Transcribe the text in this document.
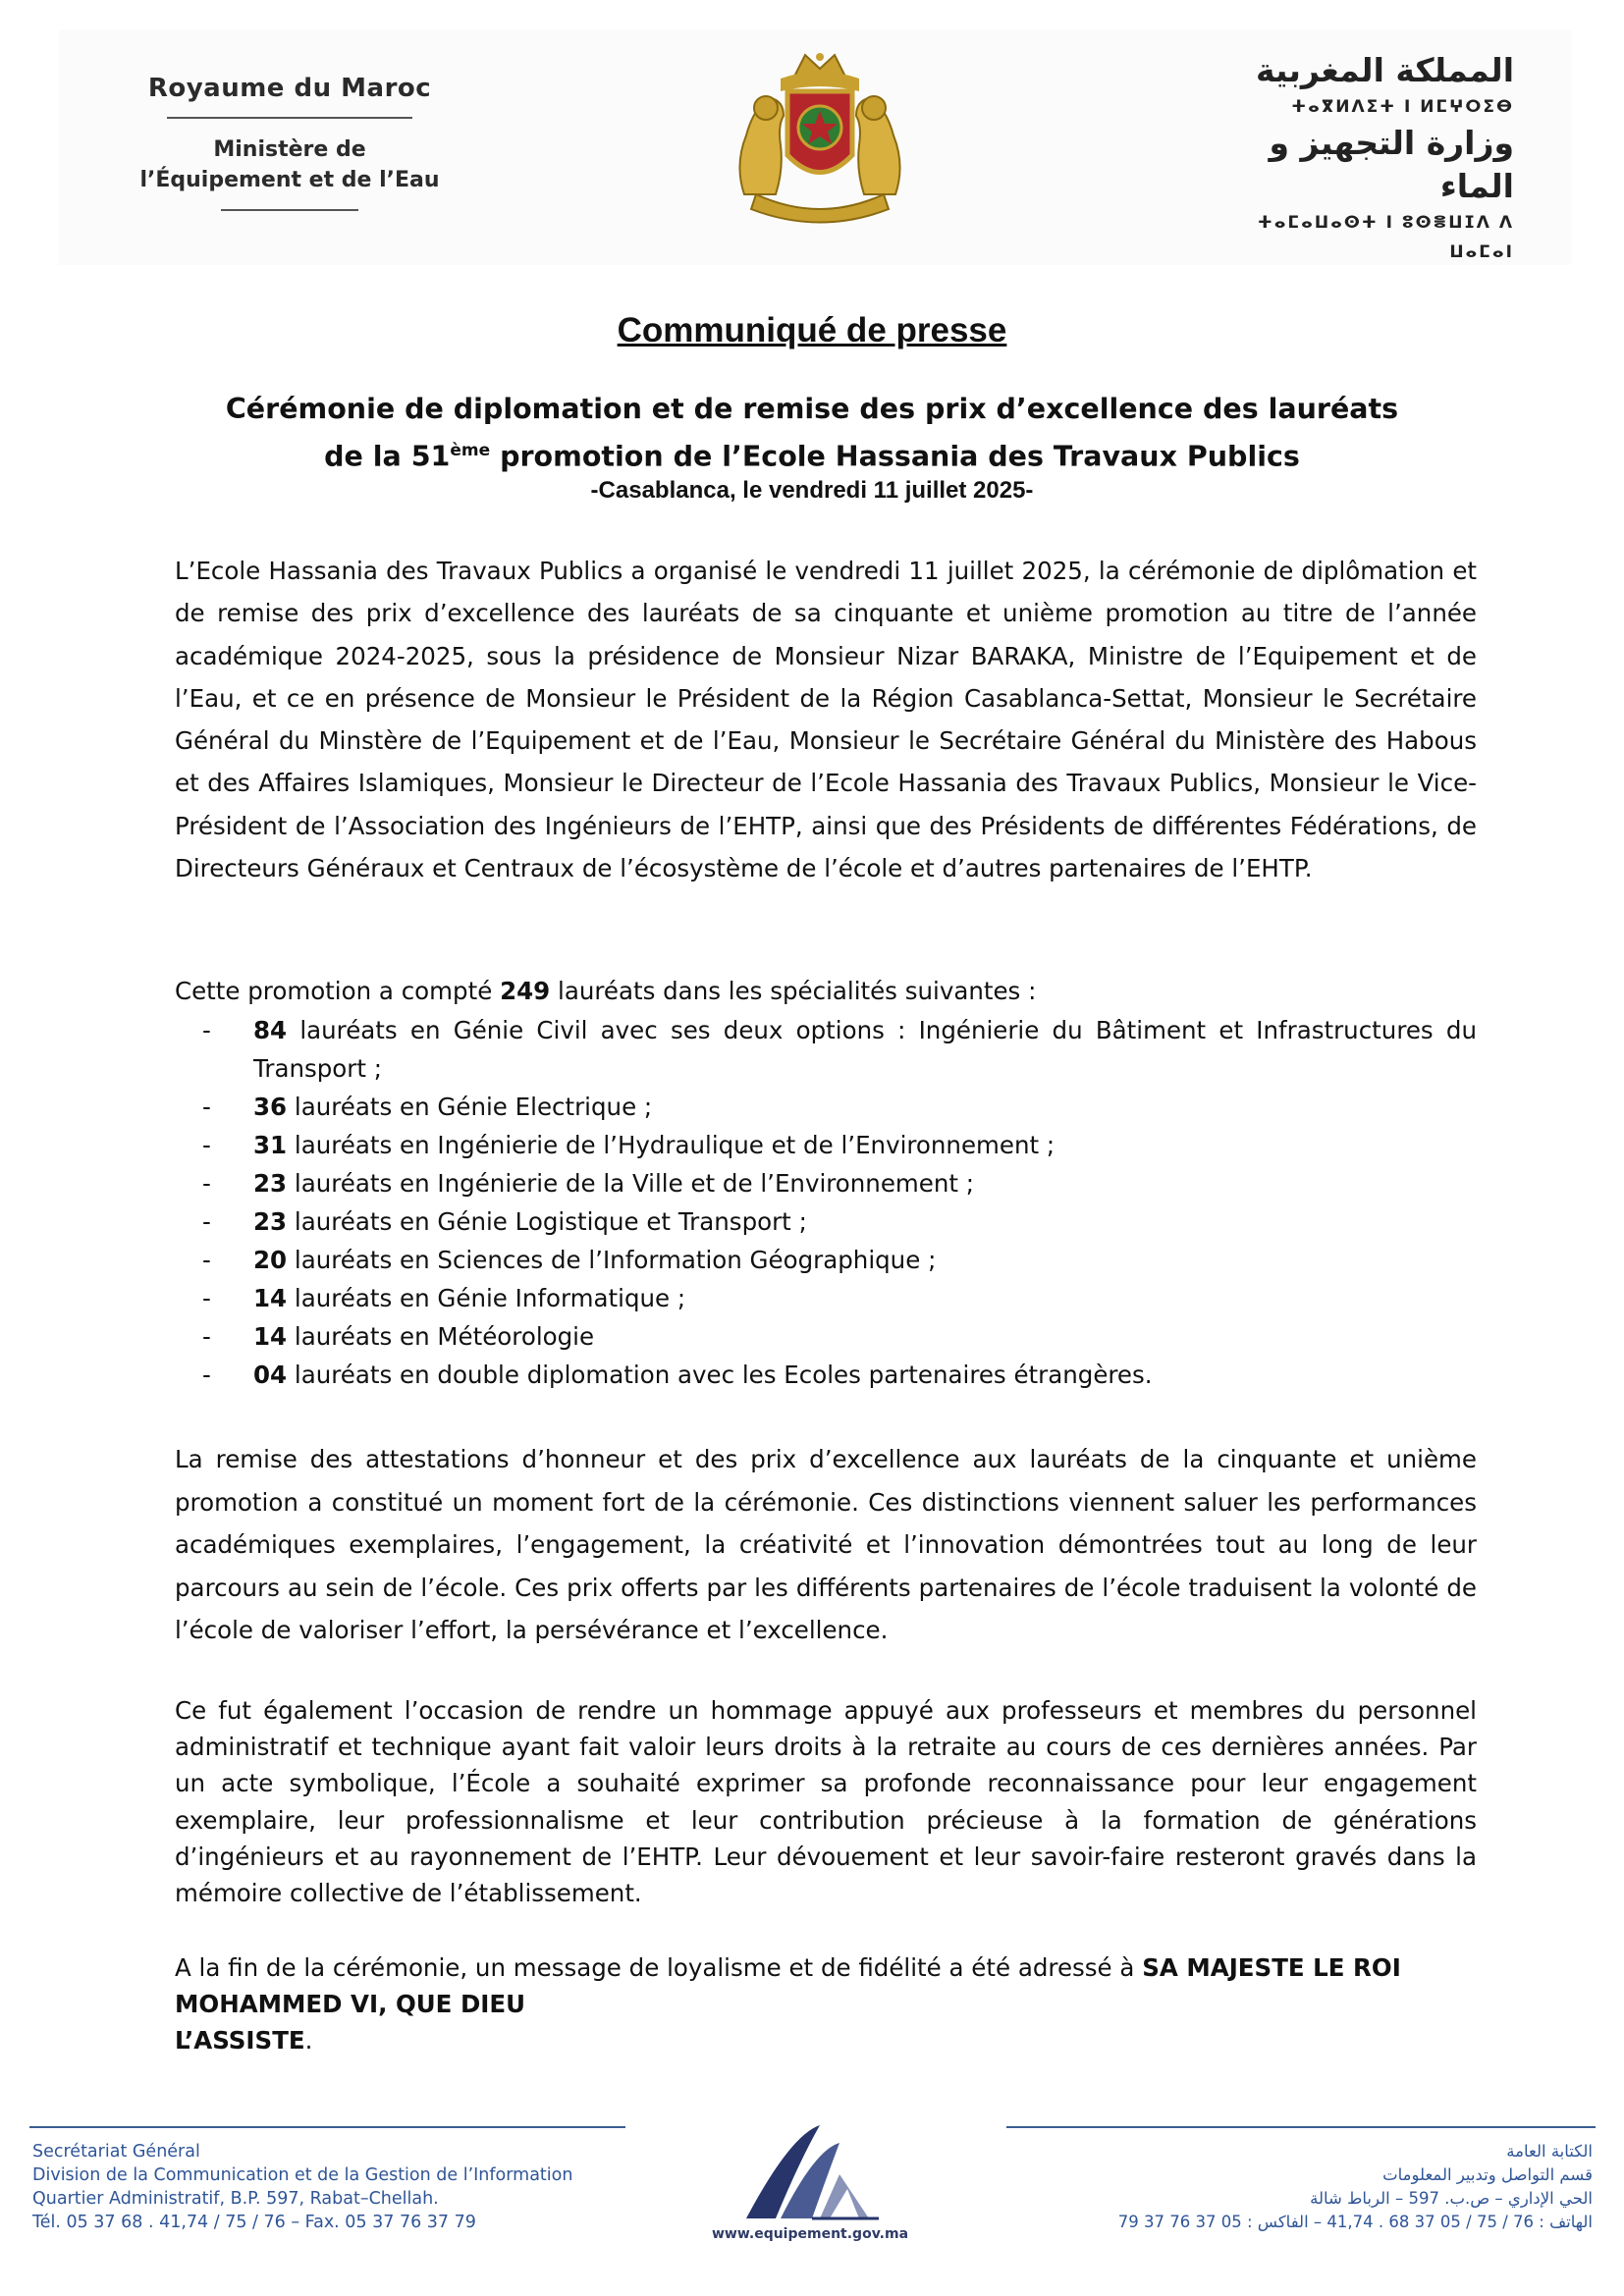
Royaume du Maroc
Ministère de
l’Équipement et de l’Eau
المملكة المغربية
ⵜⴰⴳⵍⴷⵉⵜ ⵏ ⵍⵎⵖⵔⵉⴱ
وزارة التجهيز و الماء
ⵜⴰⵎⴰⵡⴰⵙⵜ ⵏ ⵓⵙⴻⵡⵊⴷ ⴷ ⵡⴰⵎⴰⵏ
Communiqué de presse
Cérémonie de diplomation et de remise des prix d’excellence des lauréats
de la 51ème promotion de l’Ecole Hassania des Travaux Publics
-Casablanca, le vendredi 11 juillet 2025-

L’Ecole Hassania des Travaux Publics a organisé le vendredi 11 juillet 2025, la cérémonie de diplômation et de remise des prix d’excellence des lauréats de sa cinquante et unième promotion au titre de l’année académique 2024-2025, sous la présidence de Monsieur Nizar BARAKA, Ministre de l’Equipement et de l’Eau, et ce en présence de Monsieur le Président de la Région Casablanca-Settat, Monsieur le Secrétaire Général du Minstère de l’Equipement et de l’Eau, Monsieur le Secrétaire Général du Ministère des Habous et des Affaires Islamiques, Monsieur le Directeur de l’Ecole Hassania des Travaux Publics, Monsieur le Vice-Président de l’Association des Ingénieurs de l’EHTP, ainsi que des Présidents de différentes Fédérations, de Directeurs Généraux et Centraux de l’écosystème de l’école et d’autres partenaires de l’EHTP.

Cette promotion a compté 249 lauréats dans les spécialités suivantes :

- 84 lauréats en Génie Civil avec ses deux options : Ingénierie du Bâtiment et Infrastructures du Transport ;
- 36 lauréats en Génie Electrique ;
- 31 lauréats en Ingénierie de l’Hydraulique et de l’Environnement ;
- 23 lauréats en Ingénierie de la Ville et de l’Environnement ;
- 23 lauréats en Génie Logistique et Transport ;
- 20 lauréats en Sciences de l’Information Géographique ;
- 14 lauréats en Génie Informatique ;
- 14 lauréats en Météorologie
- 04 lauréats en double diplomation avec les Ecoles partenaires étrangères.

La remise des attestations d’honneur et des prix d’excellence aux lauréats de la cinquante et unième promotion a constitué un moment fort de la cérémonie. Ces distinctions viennent saluer les performances académiques exemplaires, l’engagement, la créativité et l’innovation démontrées tout au long de leur parcours au sein de l’école. Ces prix offerts par les différents partenaires de l’école traduisent la volonté de l’école de valoriser l’effort, la persévérance et l’excellence.

Ce fut également l’occasion de rendre un hommage appuyé aux professeurs et membres du personnel administratif et technique ayant fait valoir leurs droits à la retraite au cours de ces dernières années. Par un acte symbolique, l’École a souhaité exprimer sa profonde reconnaissance pour leur engagement exemplaire, leur professionnalisme et leur contribution précieuse à la formation de générations d’ingénieurs et au rayonnement de l’EHTP. Leur dévouement et leur savoir-faire resteront gravés dans la mémoire collective de l’établissement.

A la fin de la cérémonie, un message de loyalisme et de fidélité a été adressé à SA MAJESTE LE ROI
MOHAMMED VI, QUE DIEU
L’ASSISTE.

Secrétariat Général
Division de la Communication et de la Gestion de l’Information
Quartier Administratif, B.P. 597, Rabat–Chellah.
Tél. 05 37 68 . 41,74 / 75 / 76 – Fax. 05 37 76 37 79
www.equipement.gov.ma
الكتابة العامة
قسم التواصل وتدبير المعلومات
الحي الإداري – ص.ب. 597 – الرباط شالة
الهاتف : 76 / 75 / 05 37 68 . 41,74 – الفاكس : 05 37 76 37 79
